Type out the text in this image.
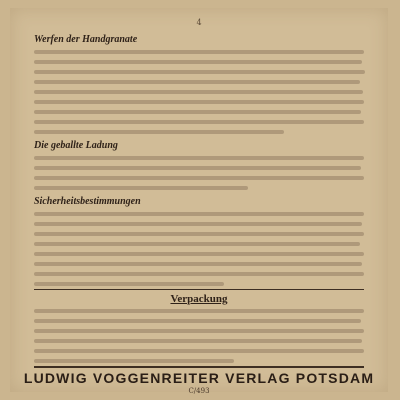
4
Werfen der Handgranate
Die geballte Ladung
Sicherheitsbestimmungen
Verpackung
LUDWIG VOGGENREITER VERLAG POTSDAM
C/493
